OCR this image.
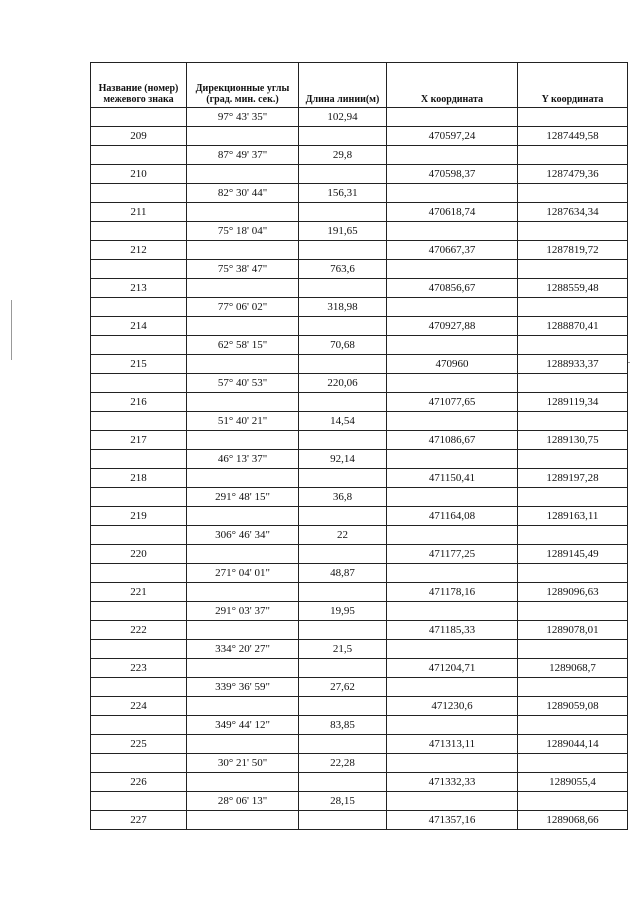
Название (номер) межевого знака	Дирекционные углы (град. мин. сек.)	Длина линии(м)	X координата	Y координата
	97° 43' 35"	102,94		
209			470597,24	1287449,58
	87° 49' 37"	29,8		
210			470598,37	1287479,36
	82° 30' 44"	156,31		
211			470618,74	1287634,34
	75° 18' 04"	191,65		
212			470667,37	1287819,72
	75° 38' 47"	763,6		
213			470856,67	1288559,48
	77° 06' 02"	318,98		
214			470927,88	1288870,41
	62° 58' 15"	70,68		
215			470960	1288933,37
	57° 40' 53"	220,06		
216			471077,65	1289119,34
	51° 40' 21"	14,54		
217			471086,67	1289130,75
	46° 13' 37"	92,14		
218			471150,41	1289197,28
	291° 48' 15"	36,8		
219			471164,08	1289163,11
	306° 46' 34"	22		
220			471177,25	1289145,49
	271° 04' 01"	48,87		
221			471178,16	1289096,63
	291° 03' 37"	19,95		
222			471185,33	1289078,01
	334° 20' 27"	21,5		
223			471204,71	1289068,7
	339° 36' 59"	27,62		
224			471230,6	1289059,08
	349° 44' 12"	83,85		
225			471313,11	1289044,14
	30° 21' 50"	22,28		
226			471332,33	1289055,4
	28° 06' 13"	28,15		
227			471357,16	1289068,66
